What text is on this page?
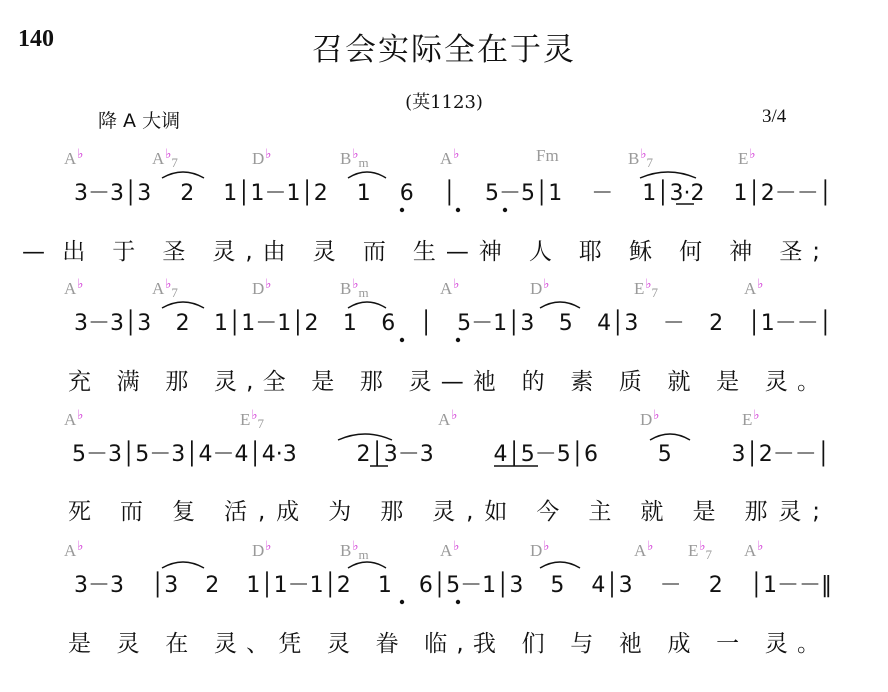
140	召会实际全在于灵
(英1123)
降 A 大调	3/4
A♭	A♭7	D♭	B♭m	A♭	Fm	B♭7	E♭
3－3│3 2 1│1－1│2 1 6 │ 5－5│1 － 1│3·2 1│2－－│
— 出 于 圣 灵,由 灵 而 生—神 人 耶 稣 何 神 圣;
A♭	A♭7	D♭	B♭m	A♭	D♭	E♭7	A♭
3－3│3 2 1│1－1│2 1 6 │ 5－1│3 5 4│3 － 2 │1－－│
充 满 那 灵,全 是 那 灵—祂 的 素 质 就 是 灵。
A♭	E♭7	A♭	D♭	E♭
5－3│5－3│4－4│4·3 2│3－3 4│5－5│6 5 3│2－－│
死 而 复 活,成 为 那 灵,如 今 主 就 是 那灵;
A♭	D♭	B♭m	A♭	D♭	A♭ E♭7 A♭
3－3 │3 2 1│1－1│2 1 6│5－1│3 5 4│3 － 2 │1－－‖
是 灵 在 灵、凭 灵 眷 临,我 们 与 祂 成 一 灵。
